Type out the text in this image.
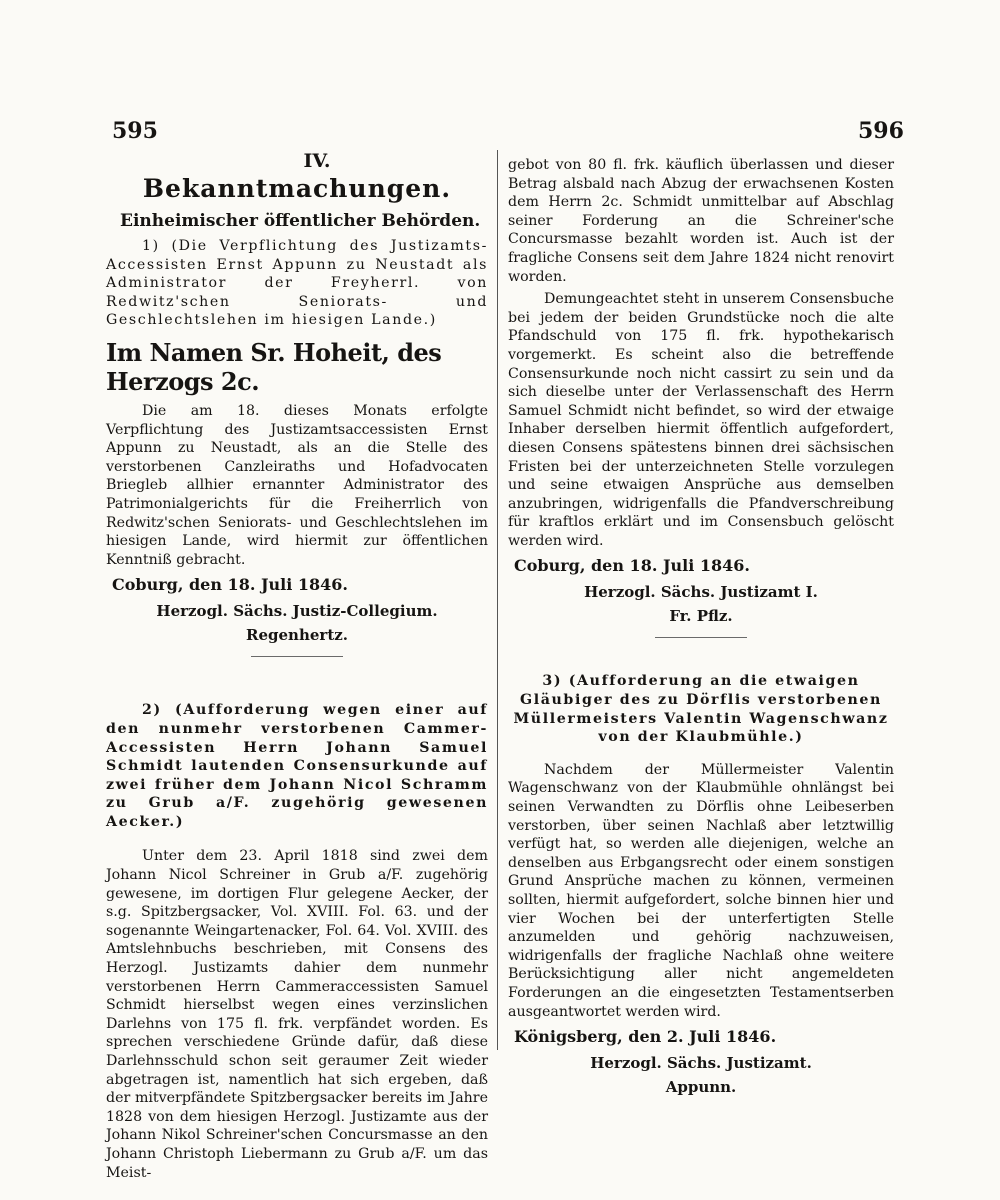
595	596
IV.
Bekanntmachungen.
Einheimischer öffentlicher Behörden.

1) (Die Verpflichtung des Justizamts-Accessisten Ernst Appunn zu Neustadt als Administrator der Freyherrl. von Redwitz'schen Seniorats- und Geschlechtslehen im hiesigen Lande.)

Im Namen Sr. Hoheit, des Herzogs 2c.

Die am 18. dieses Monats erfolgte Verpflichtung des Justizamtsaccessisten Ernst Appunn zu Neustadt, als an die Stelle des verstorbenen Canzleiraths und Hofadvocaten Briegleb allhier ernannter Administrator des Patrimonialgerichts für die Freiherrlich von Redwitz'schen Seniorats- und Geschlechtslehen im hiesigen Lande, wird hiermit zur öffentlichen Kenntniß gebracht.

Coburg, den 18. Juli 1846.
Herzogl. Sächs. Justiz-Collegium.
Regenhertz.

2) (Aufforderung wegen einer auf den nunmehr verstorbenen Cammer-Accessisten Herrn Johann Samuel Schmidt lautenden Consensurkunde auf zwei früher dem Johann Nicol Schramm zu Grub a/F. zugehörig gewesenen Aecker.)

Unter dem 23. April 1818 sind zwei dem Johann Nicol Schreiner in Grub a/F. zugehörig gewesene, im dortigen Flur gelegene Aecker, der s.g. Spitzbergsacker, Vol. XVIII. Fol. 63. und der sogenannte Weingartenacker, Fol. 64. Vol. XVIII. des Amtslehnbuchs beschrieben, mit Consens des Herzogl. Justizamts dahier dem nunmehr verstorbenen Herrn Cammeraccessisten Samuel Schmidt hierselbst wegen eines verzinslichen Darlehns von 175 fl. frk. verpfändet worden. Es sprechen verschiedene Gründe dafür, daß diese Darlehnsschuld schon seit geraumer Zeit wieder abgetragen ist, namentlich hat sich ergeben, daß der mitverpfändete Spitzbergsacker bereits im Jahre 1828 von dem hiesigen Herzogl. Justizamte aus der Johann Nikol Schreiner'schen Concursmasse an den Johann Christoph Liebermann zu Grub a/F. um das Meist-

gebot von 80 fl. frk. käuflich überlassen und dieser Betrag alsbald nach Abzug der erwachsenen Kosten dem Herrn 2c. Schmidt unmittelbar auf Abschlag seiner Forderung an die Schreiner'sche Concursmasse bezahlt worden ist. Auch ist der fragliche Consens seit dem Jahre 1824 nicht renovirt worden.

Demungeachtet steht in unserem Consensbuche bei jedem der beiden Grundstücke noch die alte Pfandschuld von 175 fl. frk. hypothekarisch vorgemerkt. Es scheint also die betreffende Consensurkunde noch nicht cassirt zu sein und da sich dieselbe unter der Verlassenschaft des Herrn Samuel Schmidt nicht befindet, so wird der etwaige Inhaber derselben hiermit öffentlich aufgefordert, diesen Consens spätestens binnen drei sächsischen Fristen bei der unterzeichneten Stelle vorzulegen und seine etwaigen Ansprüche aus demselben anzubringen, widrigenfalls die Pfandverschreibung für kraftlos erklärt und im Consensbuch gelöscht werden wird.

Coburg, den 18. Juli 1846.
Herzogl. Sächs. Justizamt I.
Fr. Pflz.

3) (Aufforderung an die etwaigen Gläubiger des zu Dörflis verstorbenen Müllermeisters Valentin Wagenschwanz von der Klaubmühle.)

Nachdem der Müllermeister Valentin Wagenschwanz von der Klaubmühle ohnlängst bei seinen Verwandten zu Dörflis ohne Leibeserben verstorben, über seinen Nachlaß aber letztwillig verfügt hat, so werden alle diejenigen, welche an denselben aus Erbgangsrecht oder einem sonstigen Grund Ansprüche machen zu können, vermeinen sollten, hiermit aufgefordert, solche binnen hier und vier Wochen bei der unterfertigten Stelle anzumelden und gehörig nachzuweisen, widrigenfalls der fragliche Nachlaß ohne weitere Berücksichtigung aller nicht angemeldeten Forderungen an die eingesetzten Testamentserben ausgeantwortet werden wird.

Königsberg, den 2. Juli 1846.
Herzogl. Sächs. Justizamt.
Appunn.
